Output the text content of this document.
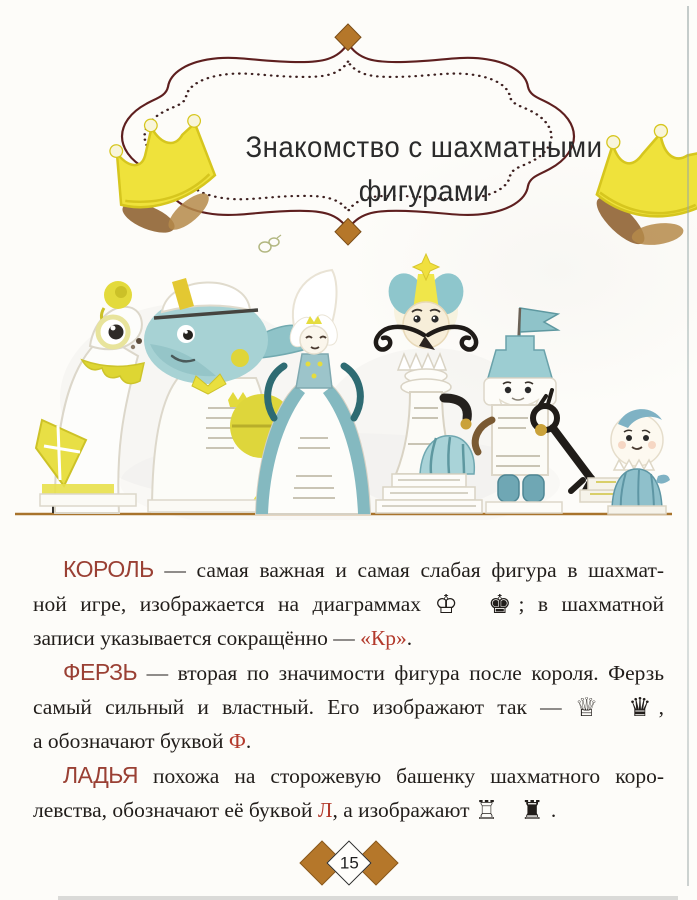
Знакомство с шахматными
фигурами
КОРОЛЬ — самая важная и самая слабая фигура в шахмат-
ной игре, изображается на диаграммах ♔ ♚; в шахматной
записи указывается сокращённо — «Кр».
ФЕРЗЬ — вторая по значимости фигура после короля. Ферзь
самый сильный и властный. Его изображают так — ♕ ♛,
а обозначают буквой Ф.
ЛАДЬЯ похожа на сторожевую башенку шахматного коро-
левства, обозначают её буквой Л, а изображают ♖ ♜.
15
